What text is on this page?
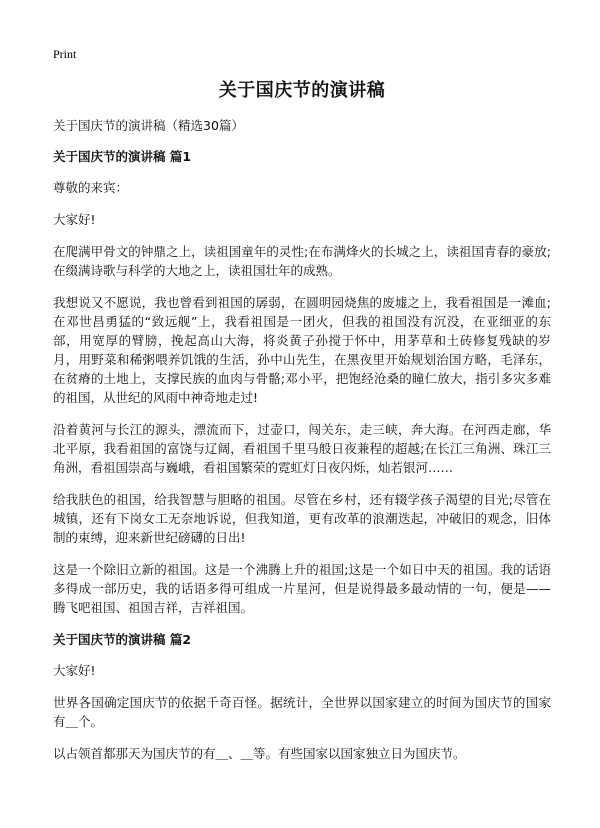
Print
关于国庆节的演讲稿
关于国庆节的演讲稿（精选30篇）
关于国庆节的演讲稿 篇1

尊敬的来宾：

大家好!

在爬满甲骨文的钟鼎之上，读祖国童年的灵性;在布满烽火的长城之上，读祖国青春的豪放;在缀满诗歌与科学的大地之上，读祖国壮年的成熟。

我想说又不愿说，我也曾看到祖国的孱弱，在圆明园烧焦的废墟之上，我看祖国是一滩血;在邓世昌勇猛的“致远舰”上，我看祖国是一团火，但我的祖国没有沉没，在亚细亚的东部，用宽厚的臂膀，挽起高山大海，将炎黄子孙搅于怀中，用茅草和土砖修复残缺的岁月，用野菜和稀粥喂养饥饿的生活，孙中山先生，在黑夜里开始规划治国方略，毛泽东，在贫瘠的土地上，支撑民族的血肉与骨骼;邓小平，把饱经沧桑的瞳仁放大，指引多灾多难的祖国，从世纪的风雨中神奇地走过!

沿着黄河与长江的源头，漂流而下，过壶口，闯关东，走三峡，奔大海。在河西走廊，华北平原，我看祖国的富饶与辽阔，看祖国千里马般日夜兼程的超越;在长江三角洲、珠江三角洲，看祖国崇高与巍峨，看祖国繁荣的霓虹灯日夜闪烁，灿若银河……

给我肤色的祖国，给我智慧与胆略的祖国。尽管在乡村，还有辍学孩子渴望的目光;尽管在城镇，还有下岗女工无奈地诉说，但我知道，更有改革的浪潮迭起，冲破旧的观念，旧体制的束缚，迎来新世纪磅礴的日出!

这是一个除旧立新的祖国。这是一个沸腾上升的祖国;这是一个如日中天的祖国。我的话语多得成一部历史，我的话语多得可组成一片星河，但是说得最多最动情的一句，便是——腾飞吧祖国、祖国吉祥，吉祥祖国。

关于国庆节的演讲稿 篇2

大家好!

世界各国确定国庆节的依据千奇百怪。据统计，全世界以国家建立的时间为国庆节的国家有＿个。

以占领首都那天为国庆节的有＿、＿等。有些国家以国家独立日为国庆节。
